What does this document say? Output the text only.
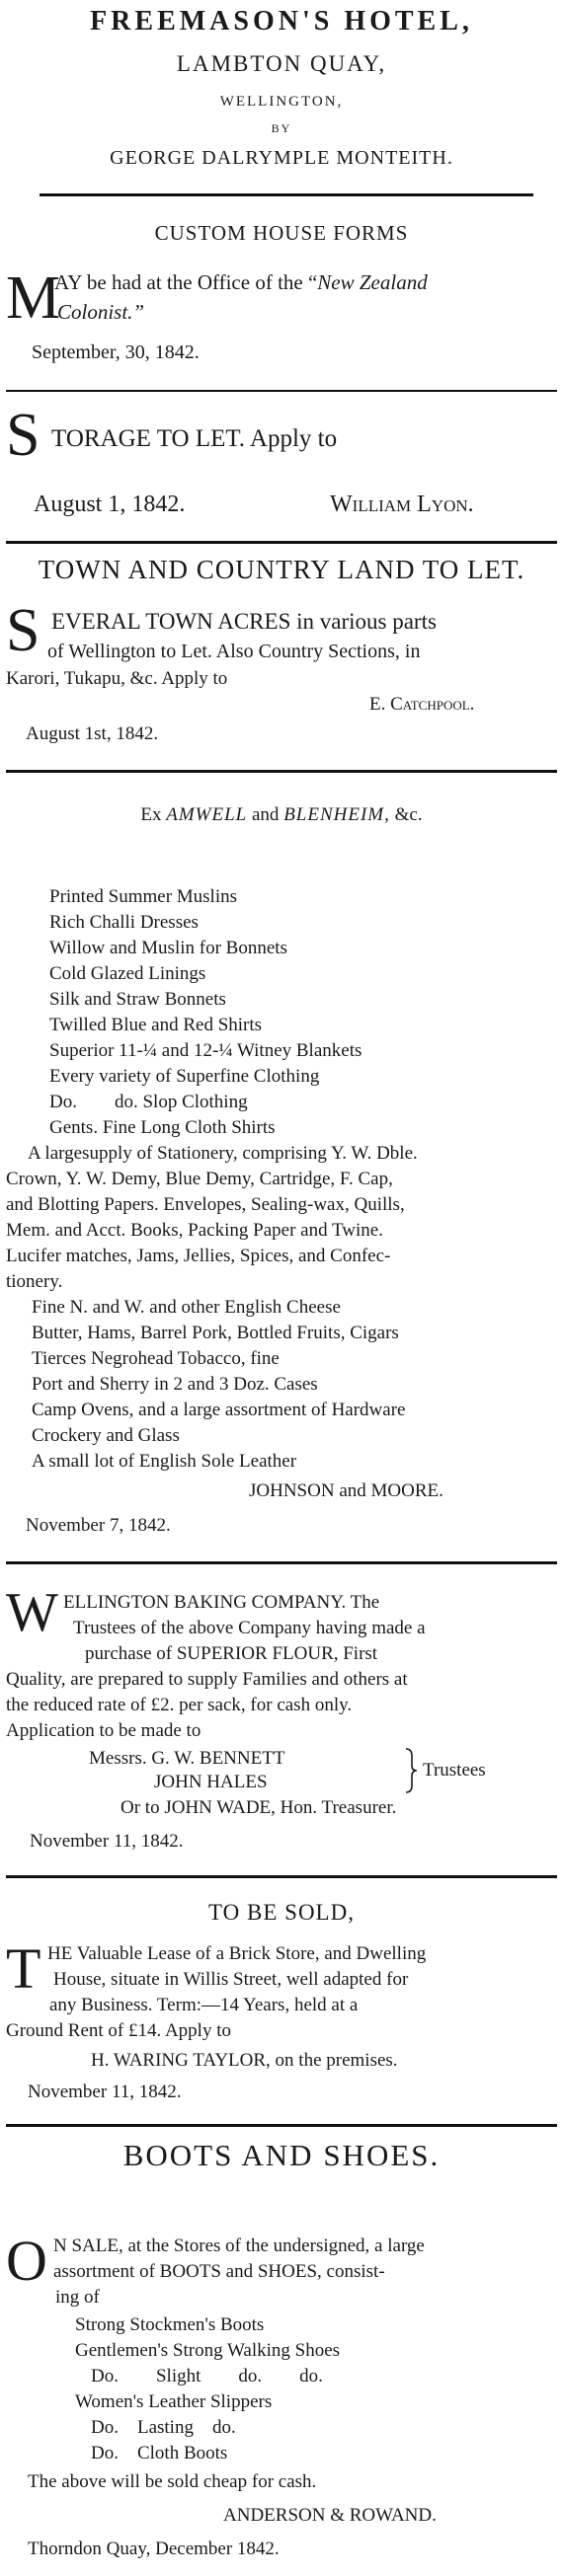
FREEMASON'S HOTEL,
LAMBTON QUAY,
WELLINGTON,
BY
GEORGE DALRYMPLE MONTEITH.
CUSTOM HOUSE FORMS
M
AY be had at the Office of the “New Zealand
Colonist.”
September, 30, 1842.
S TORAGE TO LET. Apply to
August 1, 1842.	William Lyon.
TOWN AND COUNTRY LAND TO LET.
S EVERAL TOWN ACRES in various parts
of Wellington to Let. Also Country Sections, in
Karori, Tukapu, &c. Apply to
E. Catchpool.
August 1st, 1842.
Ex AMWELL and BLENHEIM, &c.
Printed Summer Muslins
Rich Challi Dresses
Willow and Muslin for Bonnets
Cold Glazed Linings
Silk and Straw Bonnets
Twilled Blue and Red Shirts
Superior 11-¼ and 12-¼ Witney Blankets
Every variety of Superfine Clothing
Do.        do. Slop Clothing
Gents. Fine Long Cloth Shirts
A largesupply of Stationery, comprising Y. W. Dble.
Crown, Y. W. Demy, Blue Demy, Cartridge, F. Cap,
and Blotting Papers. Envelopes, Sealing-wax, Quills,
Mem. and Acct. Books, Packing Paper and Twine.
Lucifer matches, Jams, Jellies, Spices, and Confec-
tionery.
Fine N. and W. and other English Cheese
Butter, Hams, Barrel Pork, Bottled Fruits, Cigars
Tierces Negrohead Tobacco, fine
Port and Sherry in 2 and 3 Doz. Cases
Camp Ovens, and a large assortment of Hardware
Crockery and Glass
A small lot of English Sole Leather
JOHNSON and MOORE.
November 7, 1842.
W ELLINGTON BAKING COMPANY. The
Trustees of the above Company having made a
purchase of SUPERIOR FLOUR, First
Quality, are prepared to supply Families and others at
the reduced rate of £2. per sack, for cash only.
Application to be made to
Messrs. G. W. BENNETT
JOHN HALES
Trustees
Or to JOHN WADE, Hon. Treasurer.
November 11, 1842.
TO BE SOLD,
T HE Valuable Lease of a Brick Store, and Dwelling
House, situate in Willis Street, well adapted for
any Business. Term:—14 Years, held at a
Ground Rent of £14. Apply to
H. WARING TAYLOR, on the premises.
November 11, 1842.
BOOTS AND SHOES.
O N SALE, at the Stores of the undersigned, a large
assortment of BOOTS and SHOES, consist-
ing of
Strong Stockmen's Boots
Gentlemen's Strong Walking Shoes
Do.        Slight        do.        do.
Women's Leather Slippers
Do.    Lasting    do.
Do.    Cloth Boots
The above will be sold cheap for cash.
ANDERSON & ROWAND.
Thorndon Quay, December 1842.
